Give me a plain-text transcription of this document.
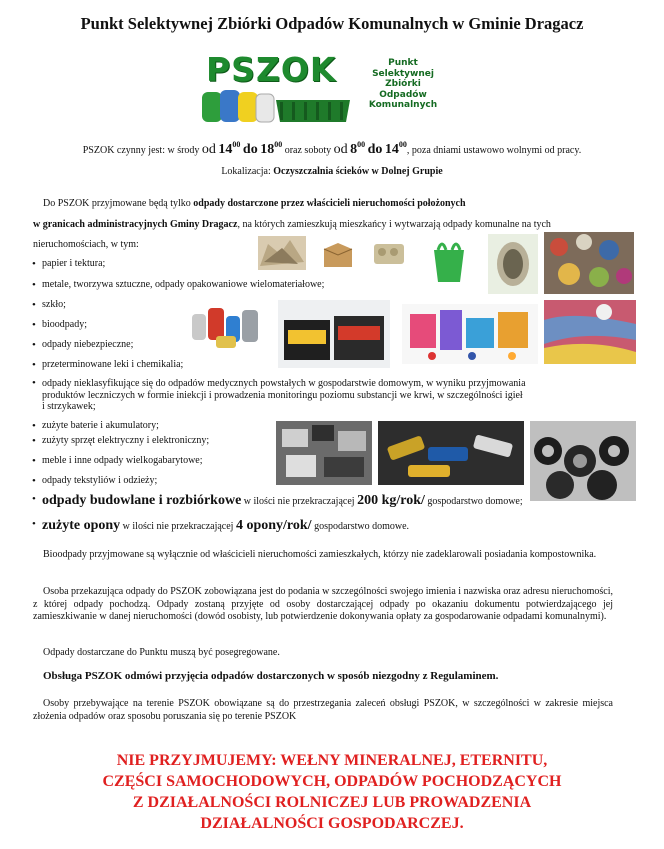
Punkt Selektywnej Zbiórki Odpadów Komunalnych w Gminie Dragacz
PSZOK	Punkt
Selektywnej
Zbiórki
Odpadów
Komunalnych
PSZOK czynny jest: w środy od $14^{00}$ do $18^{00}$ oraz soboty od $8^{00}$ do $14^{00}$, poza dniami ustawowo wolnymi od pracy.
Lokalizacja: Oczyszczalnia ścieków w Dolnej Grupie
Do PSZOK przyjmowane będą tylko odpady dostarczone przez właścicieli nieruchomości położonych
w granicach administracyjnych Gminy Dragacz, na których zamieszkują mieszkańcy i wytwarzają odpady komunalne na tych
nieruchomościach, w tym:
• papier i tektura;
• metale, tworzywa sztuczne, odpady opakowaniowe wielomateriałowe;
• szkło;
• bioodpady;
• odpady niebezpieczne;
• przeterminowane leki i chemikalia;
• odpady nieklasyfikujące się do odpadów medycznych powstałych w gospodarstwie domowym, w wyniku przyjmowania
produktów leczniczych w formie iniekcji i prowadzenia monitoringu poziomu substancji we krwi, w szczególności igieł
i strzykawek;
• zużyte baterie i akumulatory;
• zużyty sprzęt elektryczny i elektroniczny;
• meble i inne odpady wielkogabarytowe;
• odpady tekstyliów i odzieży;
• odpady budowlane i rozbiórkowe w ilości nie przekraczającej 200 kg/rok/ gospodarstwo domowe;
• zużyte opony w ilości nie przekraczającej 4 opony/rok/ gospodarstwo domowe.
Bioodpady przyjmowane są wyłącznie od właścicieli nieruchomości zamieszkałych, którzy nie zadeklarowali posiadania kompostownika.
Osoba przekazująca odpady do PSZOK zobowiązana jest do podania w szczególności swojego imienia i nazwiska oraz adresu nieruchomości, z której odpady pochodzą. Odpady zostaną przyjęte od osoby dostarczającej odpady po okazaniu dokumentu potwierdzającego jej zamieszkiwanie w danej nieruchomości (dowód osobisty, lub potwierdzenie dokonywania opłaty za gospodarowanie odpadami komunalnymi).
Odpady dostarczane do Punktu muszą być posegregowane.
Obsługa PSZOK odmówi przyjęcia odpadów dostarczonych w sposób niezgodny z Regulaminem.
Osoby przebywające na terenie PSZOK obowiązane są do przestrzegania zaleceń obsługi PSZOK, w szczególności w zakresie miejsca złożenia odpadów oraz sposobu poruszania się po terenie PSZOK
NIE PRZYJMUJEMY: WEŁNY MINERALNEJ, ETERNITU,
CZĘŚCI SAMOCHODOWYCH, ODPADÓW POCHODZĄCYCH
Z DZIAŁALNOŚCI ROLNICZEJ LUB PROWADZENIA
DZIAŁALNOŚCI GOSPODARCZEJ.
